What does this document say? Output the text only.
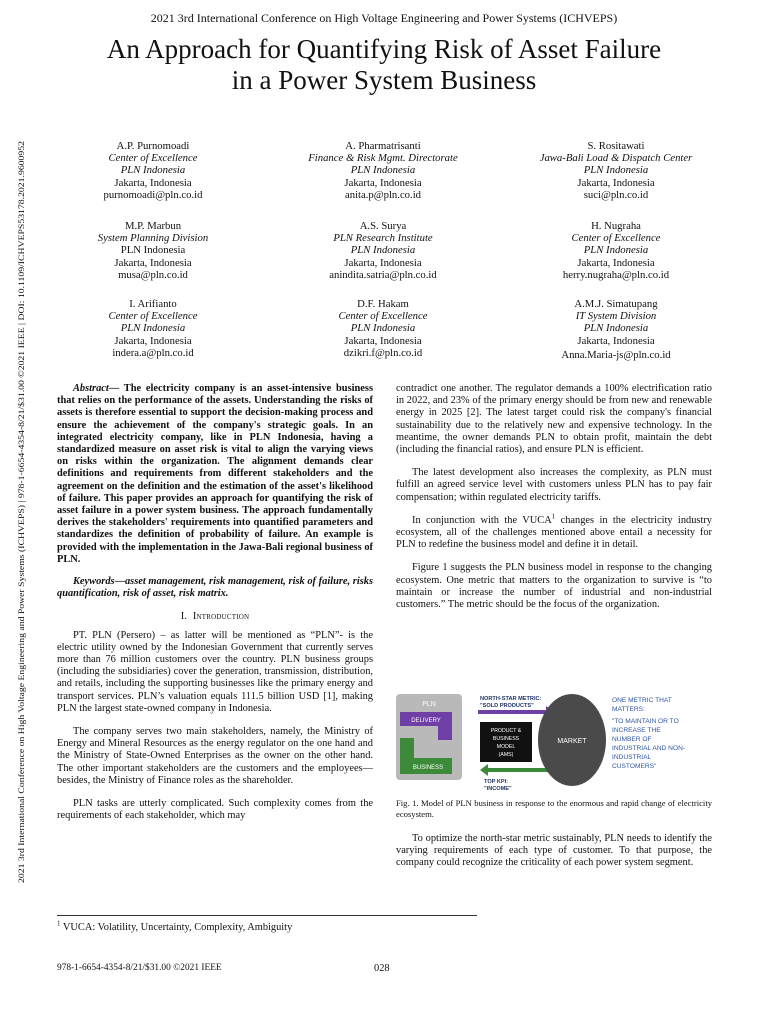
2021 3rd International Conference on High Voltage Engineering and Power Systems (ICHVEPS)
An Approach for Quantifying Risk of Asset Failure
in a Power System Business
2021 3rd International Conference on High Voltage Engineering and Power Systems (ICHVEPS) | 978-1-6654-4354-8/21/$31.00 ©2021 IEEE | DOI: 10.1109/ICHVEPS53178.2021.9600952
A.P. Purnomoadi
Center of Excellence
PLN Indonesia
Jakarta, Indonesia
purnomoadi@pln.co.id
A. Pharmatrisanti
Finance & Risk Mgmt. Directorate
PLN Indonesia
Jakarta, Indonesia
anita.p@pln.co.id
S. Rositawati
Jawa-Bali Load & Dispatch Center
PLN Indonesia
Jakarta, Indonesia
suci@pln.co.id
M.P. Marbun
System Planning Division
PLN Indonesia
Jakarta, Indonesia
musa@pln.co.id
A.S. Surya
PLN Research Institute
PLN Indonesia
Jakarta, Indonesia
anindita.satria@pln.co.id
H. Nugraha
Center of Excellence
PLN Indonesia
Jakarta, Indonesia
herry.nugraha@pln.co.id
I. Arifianto
Center of Excellence
PLN Indonesia
Jakarta, Indonesia
indera.a@pln.co.id
D.F. Hakam
Center of Excellence
PLN Indonesia
Jakarta, Indonesia
dzikri.f@pln.co.id
A.M.J. Simatupang
IT System Division
PLN Indonesia
Jakarta, Indonesia
Anna.Maria-js@pln.co.id

Abstract— The electricity company is an asset-intensive business that relies on the performance of the assets. Understanding the risks of assets is therefore essential to support the decision-making process and ensure the achievement of the company's strategic goals. In an integrated electricity company, like in PLN Indonesia, having a standardized measure on asset risk is vital to align the varying views on risks within the organization. The alignment demands clear definitions and requirements from different stakeholders and the agreement on the definition and the estimation of the asset's likelihood of failure. This paper provides an approach for quantifying the risk of asset failure in a power system business. The approach fundamentally derives the stakeholders' requirements into quantified parameters and standardizes the definition of probability of failure. An example is provided with the implementation in the Jawa-Bali regional business of PLN.

Keywords—asset management, risk management, risk of failure, risks quantification, risk of asset, risk matrix.

I. Introduction

PT. PLN (Persero) – as latter will be mentioned as “PLN”- is the electric utility owned by the Indonesian Government that currently serves more than 76 million customers over the country. PLN business groups (including the subsidiaries) cover the generation, transmission, distribution, and retails, including the supporting businesses like the primary energy and transport services. PLN’s valuation equals 111.5 billion USD [1], making PLN the largest state-owned company in Indonesia.

The company serves two main stakeholders, namely, the Ministry of Energy and Mineral Resources as the energy regulator on the one hand and the Ministry of State-Owned Enterprises as the owner on the other hand. The other important stakeholders are the customers and the employees—besides, the Ministry of Finance roles as the shareholder.

PLN tasks are utterly complicated. Such complexity comes from the requirements of each stakeholder, which may

contradict one another. The regulator demands a 100% electrification ratio in 2022, and 23% of the primary energy should be from new and renewable energy in 2025 [2]. The latest target could risk the company's financial sustainability due to the relatively new and expensive technology. In the meantime, the owner demands PLN to obtain profit, maintain the debt (including the financial ratios), and ensure PLN is efficient.

The latest development also increases the complexity, as PLN must fulfill an agreed service level with customers unless PLN has to pay fair compensation; within regulated electricity tariffs.

In conjunction with the VUCA$^1$ changes in the electricity industry ecosystem, all of the challenges mentioned above entail a necessity for PLN to redefine the business model and define it in detail.

Figure 1 suggests the PLN business model in response to the changing ecosystem. One metric that matters to the organization to survive is “to maintain or increase the number of industrial and non-industrial customers.” The metric should be the focus of the organization.

PLN
DELIVERY
BUSINESS
NORTH-STAR METRIC:
"SOLD PRODUCTS"
PRODUCT &
BUSINESS
MODEL
(AMS)
TOP KPI:
"INCOME"
MARKET
ONE METRIC THAT
MATTERS:
"TO MAINTAIN OR TO
INCREASE THE
NUMBER OF
INDUSTRIAL AND NON-
INDUSTRIAL
CUSTOMERS"
Fig. 1. Model of PLN business in response to the enormous and rapid change of electricity ecosystem.

To optimize the north-star metric sustainably, PLN needs to identify the varying requirements of each type of customer. To that purpose, the company could recognize the criticality of each power system segment.

$^1$ VUCA: Volatility, Uncertainty, Complexity, Ambiguity
978-1-6654-4354-8/21/$31.00 ©2021 IEEE	028
